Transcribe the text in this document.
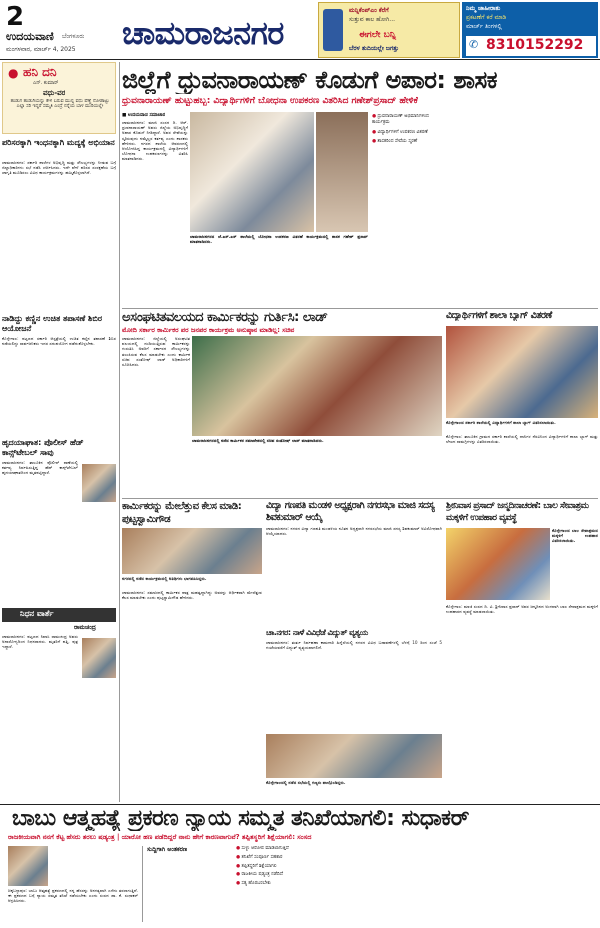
2
ಉದಯವಾಣಿ ಬೆಂಗಳೂರು
ಮಂಗಳವಾರ, ಮಾರ್ಚ್ 4, 2025 ಚಾಮರಾಜನಗರ
ಮನ್ನಿಕೆಂಪ್‌ಎಂ ಕೆರೆಗೆ
ಸುತ್ತುವ ಕಾಲ ಹೋಗಿ...
ಈಗಲೇ ಬನ್ನಿ
ಬೆರಳ ತುದಿಯಲ್ಲೇ ಜಗತ್ತು
ನಿಮ್ಮ ಜಾಹೀರಾತು
ಪ್ರಕಟಣೆಗೆ ಕರೆ ಮಾಡಿ
ಮಾರ್ಚ್ ತಿಂಗಳಲ್ಲಿ
✆ 8310152292
● ಹನಿ ದನಿ
ಎನ್. ಕುಮಾರ್
ವಧು-ವರ
ಹುಡುಗ ಹುಡುಗಿಯನ್ನು ಕೇಳ ಬರುವ ಮುನ್ನ ವಧು ಪೆಣ್ಣೆ ನೋಡಾಟ್ಟು ಎಲ್ಲಾ ಸರಿ ಇದ್ದರೆ ಸಮ್ಮತಿ ಎಂದ್ರೆ ನನ್ನೆಯ ಬಾಳ ಮುರಿಯಲ್ಲೇ
ಪರಿಸರಕ್ಕಾಗಿ ಇಂಧನಕ್ಕಾಗಿ ಮದ್ಯಕ್ಕೆ ಅಭಿಯಾನ
ಚಾಮರಾಜನಗರ: ಸರ್ಕಾರಿ ಶಾಲೆಗಳ ಅಭಿವೃದ್ಧಿ ಮತ್ತು ಸೌಲಭ್ಯಗಳನ್ನು ನೀಡುವ ಬಗ್ಗೆ ಜಿಲ್ಲಾಧಿಕಾರಿಗಳು ಸಭೆ ನಡೆಸಿ ಚರ್ಚಿಸಿದರು. ಇದೇ ವೇಳೆ ಪರಿಸರ ಸಂರಕ್ಷಣೆಯ ಬಗ್ಗೆ ಜಾಗೃತಿ ಮೂಡಿಸಲು ವಿವಿಧ ಕಾರ್ಯಕ್ರಮಗಳನ್ನು ಹಮ್ಮಿಕೊಳ್ಳಲಾಗಿದೆ.
ನಾಡಿದ್ದು ಕಣ್ಣಿನ ಉಚಿತ ತಪಾಸಣೆ ಶಿಬಿರ ಆಯೋಜನೆ
ಕೊಳ್ಳೇಗಾಲ: ಪಟ್ಟಣದ ಸರ್ಕಾರಿ ಆಸ್ಪತ್ರೆಯಲ್ಲಿ ಉಚಿತ ಕಣ್ಣಿನ ತಪಾಸಣೆ ಶಿಬಿರ ನಡೆಯಲಿದ್ದು ಸಾರ್ವಜನಿಕರು ಇದರ ಸದುಪಯೋಗ ಪಡೆದುಕೊಳ್ಳಬೇಕು.
ಹೃದಯಾಘಾತ: ಪೊಲೀಸ್ ಹೆಡ್‌ ಕಾನ್ಸ್‌ಟೇಬಲ್ ಸಾವು
ಚಾಮರಾಜನಗರ: ತಾಲೂಕಿನ ಪೊಲೀಸ್ ಠಾಣೆಯಲ್ಲಿ ಕರ್ತವ್ಯ ನಿರ್ವಹಿಸುತ್ತಿದ್ದ ಹೆಡ್ ಕಾನ್ಸ್‌ಟೇಬಲ್ ಹೃದಯಾಘಾತದಿಂದ ಮೃತಪಟ್ಟಿದ್ದಾರೆ.
ನಿಧನ ವಾರ್ತೆ
ರಾಮಚಂದ್ರ
ಚಾಮರಾಜನಗರ: ಪಟ್ಟಣದ ನಿವಾಸಿ ರಾಮಚಂದ್ರ ಅವರು ಅನಾರೋಗ್ಯದಿಂದ ನಿಧನರಾದರು. ಮೃತರಿಗೆ ಪತ್ನಿ, ಪುತ್ರ ಇದ್ದಾರೆ.
ಜಿಲ್ಲೆಗೆ ಧ್ರುವನಾರಾಯಣ್ ಕೊಡುಗೆ ಅಪಾರ: ಶಾಸಕ
ಧ್ರುವನಾರಾಯಣ್ ಹುಟ್ಟುಹಬ್ಬ: ವಿದ್ಯಾರ್ಥಿಗಳಿಗೆ ಬೋಧನಾ ಉಪಕರಣ ವಿತರಿಸಿದ ಗಣೇಶ್‌ಪ್ರಸಾದ್ ಹೇಳಿಕೆ
■ ಉದಯವಾಣಿ ಸಮಾಚಾರ
ಚಾಮರಾಜನಗರ: ಮಾಜಿ ಸಂಸದ ದಿ. ಆರ್. ಧ್ರುವನಾರಾಯಣ್ ಅವರು ಜಿಲ್ಲೆಯ ಅಭಿವೃದ್ಧಿಗೆ ಅಪಾರ ಕೊಡುಗೆ ನೀಡಿದ್ದಾರೆ. ಅವರ ಸೇವೆಯನ್ನು ಸ್ಮರಿಸುವುದು ನಮ್ಮೆಲ್ಲರ ಕರ್ತವ್ಯ ಎಂದು ಶಾಸಕರು ಹೇಳಿದರು. ನಗರದ ಶಾಲೆಯ ಆವರಣದಲ್ಲಿ ಆಯೋಜಿಸಿದ್ದ ಕಾರ್ಯಕ್ರಮದಲ್ಲಿ ವಿದ್ಯಾರ್ಥಿಗಳಿಗೆ ಬೋಧನಾ ಉಪಕರಣಗಳನ್ನು ವಿತರಿಸಿ ಮಾತನಾಡಿದರು.
ಚಾಮರಾಜನಗರದ ಜೆ.ಎಸ್.ಎಸ್ ಶಾಲೆಯಲ್ಲಿ ಬೋಧನಾ ಉಪಕರಣ ವಿತರಣೆ ಕಾರ್ಯಕ್ರಮದಲ್ಲಿ ಶಾಸಕ ಗಣೇಶ್ ಪ್ರಸಾದ್ ಮಾತನಾಡಿದರು.
● ಧ್ರುವನಾರಾಯಣ್ ಅಭಿಮಾನಿಗಳಿಂದ ಕಾರ್ಯಕ್ರಮ
● ವಿದ್ಯಾರ್ಥಿಗಳಿಗೆ ಉಪಕರಣ ವಿತರಣೆ
● ಶಾಸಕರಿಂದ ಸೇವೆಯ ಸ್ಮರಣೆ
ಅಸಂಘಟಿತವಲಯದ ಕಾರ್ಮಿಕರನ್ನು ಗುರ್ತಿಸಿ: ಲಾಡ್
ಮೋದಿ ಸರ್ಕಾರ ಕಾರ್ಮಿಕರ ಪರ ಜನಪರ ಕಾರ್ಯಕ್ರಮ ಅನುಷ್ಠಾನ ಮಾಡಿಲ್ಲ: ಸಚಿವ
ಚಾಮರಾಜನಗರ: ಜಿಲ್ಲೆಯಲ್ಲಿ ಅಸಂಘಟಿತ ವಲಯದಲ್ಲಿ ದುಡಿಯುತ್ತಿರುವ ಕಾರ್ಮಿಕರನ್ನು ಗುರುತಿಸಿ ಅವರಿಗೆ ಸರ್ಕಾರದ ಸೌಲಭ್ಯಗಳನ್ನು ತಲುಪಿಸುವ ಕೆಲಸ ಮಾಡಬೇಕು ಎಂದು ಕಾರ್ಮಿಕ ಸಚಿವ ಸಂತೋಷ್ ಲಾಡ್ ಅಧಿಕಾರಿಗಳಿಗೆ ಸೂಚಿಸಿದರು.
ಚಾಮರಾಜನಗರದಲ್ಲಿ ನಡೆದ ಕಾರ್ಮಿಕರ ಸಮಾವೇಶದಲ್ಲಿ ಸಚಿವ ಸಂತೋಷ್ ಲಾಡ್ ಮಾತನಾಡಿದರು.
ವಿದ್ಯಾರ್ಥಿಗಳಿಗೆ ಶಾಲಾ ಬ್ಯಾಗ್ ವಿತರಣೆ
ಕೊಳ್ಳೇಗಾಲದ ಸರ್ಕಾರಿ ಶಾಲೆಯಲ್ಲಿ ವಿದ್ಯಾರ್ಥಿಗಳಿಗೆ ಶಾಲಾ ಬ್ಯಾಗ್ ವಿತರಿಸಲಾಯಿತು.
ಕೊಳ್ಳೇಗಾಲ: ತಾಲೂಕಿನ ಗ್ರಾಮದ ಸರ್ಕಾರಿ ಶಾಲೆಯಲ್ಲಿ ದಾನಿಗಳ ನೆರವಿನಿಂದ ವಿದ್ಯಾರ್ಥಿಗಳಿಗೆ ಶಾಲಾ ಬ್ಯಾಗ್ ಮತ್ತು ಲೇಖನ ಸಾಮಗ್ರಿಗಳನ್ನು ವಿತರಿಸಲಾಯಿತು.
ಕಾರ್ಮಿಕರನ್ನು ಮೇಲೆತ್ತುವ ಕೆಲಸ ಮಾಡಿ: ಪುಟ್ಟಸ್ವಾಮಿಗೌಡ
ನಗರದಲ್ಲಿ ನಡೆದ ಕಾರ್ಯಕ್ರಮದಲ್ಲಿ ಅತಿಥಿಗಳು ಭಾಗವಹಿಸಿದ್ದರು.
ಚಾಮರಾಜನಗರ: ಸಮಾಜದಲ್ಲಿ ಕಾರ್ಮಿಕರ ಪಾತ್ರ ಮಹತ್ವದ್ದಾಗಿದ್ದು ಅವರನ್ನು ಆರ್ಥಿಕವಾಗಿ ಮೇಲೆತ್ತುವ ಕೆಲಸ ಮಾಡಬೇಕು ಎಂದು ಪುಟ್ಟಸ್ವಾಮಿಗೌಡ ಹೇಳಿದರು.
ವಿದ್ಯಾ ಗಣಪತಿ ಮಂಡಳಿ ಅಧ್ಯಕ್ಷರಾಗಿ ನಗರಸಭಾ ಮಾಜಿ ಸದಸ್ಯ ಶಿವಕುಮಾರ್ ಆಯ್ಕೆ
ಚಾಮರಾಜನಗರ: ನಗರದ ವಿದ್ಯಾ ಗಣಪತಿ ಮಂಡಳಿಯ ನೂತನ ಅಧ್ಯಕ್ಷರಾಗಿ ನಗರಸಭೆಯ ಮಾಜಿ ಸದಸ್ಯ ಶಿವಕುಮಾರ್ ಅವಿರೋಧವಾಗಿ ಆಯ್ಕೆಯಾದರು.
ಚಾ.ನಗರ: ನಾಳೆ ವಿವಿಧೆಡೆ ವಿದ್ಯುತ್ ವ್ಯತ್ಯಯ
ಚಾಮರಾಜನಗರ: ತುರ್ತು ನಿರ್ವಹಣಾ ಕಾಮಗಾರಿ ಹಿನ್ನೆಲೆಯಲ್ಲಿ ನಗರದ ವಿವಿಧ ಬಡಾವಣೆಗಳಲ್ಲಿ ಬೆಳಗ್ಗೆ 10 ರಿಂದ ಸಂಜೆ 5 ಗಂಟೆಯವರೆಗೆ ವಿದ್ಯುತ್ ವ್ಯತ್ಯಯವಾಗಲಿದೆ.
ಕೊಳ್ಳೇಗಾಲದಲ್ಲಿ ನಡೆದ ಸಭೆಯಲ್ಲಿ ಗಣ್ಯರು ಪಾಲ್ಗೊಂಡಿದ್ದರು.
ಶ್ರೀನಿವಾಸ ಪ್ರಸಾದ್ ಜನ್ಮದಿನಾಚರಣೆ: ಬಾಲ ಸೇವಾಶ್ರಮ ಮಕ್ಕಳಿಗೆ ಉಪಹಾರ ವ್ಯವಸ್ಥೆ
ಕೊಳ್ಳೇಗಾಲದ ಬಾಲ ಸೇವಾಶ್ರಮದ ಮಕ್ಕಳಿಗೆ ಉಪಹಾರ ವಿತರಿಸಲಾಯಿತು.
ಕೊಳ್ಳೇಗಾಲ: ಮಾಜಿ ಸಂಸದ ದಿ. ವಿ. ಶ್ರೀನಿವಾಸ ಪ್ರಸಾದ್ ಅವರ ಜನ್ಮದಿನದ ಅಂಗವಾಗಿ ಬಾಲ ಸೇವಾಶ್ರಮದ ಮಕ್ಕಳಿಗೆ ಉಪಹಾರದ ವ್ಯವಸ್ಥೆ ಮಾಡಲಾಯಿತು.
ಬಾಬು ಆತ್ಮಹತ್ಯೆ ಪ್ರಕರಣ ನ್ಯಾಯ ಸಮ್ಮತ ತನಿಖೆಯಾಗಲಿ: ಸುಧಾಕರ್
ರಾಜಕೀಯವಾಗಿ ನನಗೆ ಕೆಟ್ಟ ಹೆಸರು ತರಲು ಷಡ್ಯಂತ್ರ | ಯಾರೋ ಹಣ ಪಡೆದಿದ್ದರೆ ನಾನು ಹೇಗೆ ಕಾರಣವಾಗುವೆ? ತಪ್ಪಿತಸ್ಥರಿಗೆ ಶಿಕ್ಷೆಯಾಗಲಿ: ಸಂಸದ
ಚಿಕ್ಕಬಳ್ಳಾಪುರ: ಬಾಬು ಆತ್ಮಹತ್ಯೆ ಪ್ರಕರಣದಲ್ಲಿ ನನ್ನ ಹೆಸರನ್ನು ಅನಗತ್ಯವಾಗಿ ಎಳೆದು ತರಲಾಗುತ್ತಿದೆ. ಈ ಪ್ರಕರಣದ ಬಗ್ಗೆ ನ್ಯಾಯ ಸಮ್ಮತ ತನಿಖೆ ನಡೆಯಬೇಕು ಎಂದು ಸಂಸದ ಡಾ. ಕೆ. ಸುಧಾಕರ್ ಆಗ್ರಹಿಸಿದರು.
ಸುದ್ದಿಗಾಗಿ ಅಂತಕರಣ	● ಸುಳ್ಳು ಆರೋಪ ಮಾಡಲಾಗುತ್ತಿದೆ
● ತನಿಖೆಗೆ ಸಂಪೂರ್ಣ ಸಹಕಾರ
● ತಪ್ಪಿತಸ್ಥರಿಗೆ ಶಿಕ್ಷೆಯಾಗಲಿ
● ರಾಜಕೀಯ ಷಡ್ಯಂತ್ರ ನಡೆದಿದೆ
● ಸತ್ಯ ಹೊರಬರಬೇಕು
